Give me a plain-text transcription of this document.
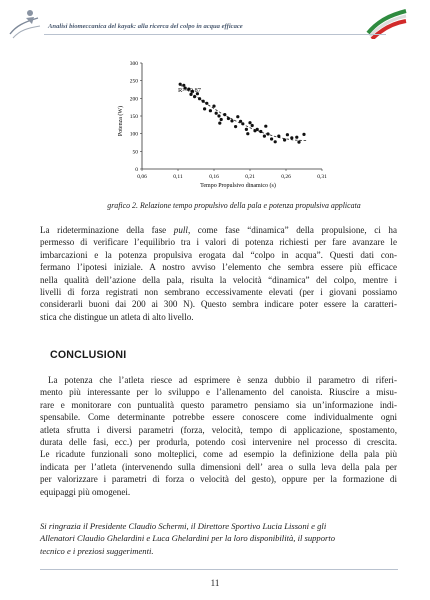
Analisi biomeccanica del kayak: alla ricerca del colpo in acqua efficace
0,06	0,11	0,16	0,21	0,26	0,31
0
50
100
150
200
250
300
R²= 0,87
Tempo Propulsivo dinamico (s)
Potenza (W)
grafico 2. Relazione tempo propulsivo della pala e potenza propulsiva applicata
La rideterminazione della fase pull, come fase “dinamica” della propulsione, ci ha
permesso di verificare l’equilibrio tra i valori di potenza richiesti per fare avanzare le
imbarcazioni e la potenza propulsiva erogata dal “colpo in acqua”. Questi dati con-
fermano l’ipotesi iniziale. A nostro avviso l’elemento che sembra essere più efficace
nella qualità dell’azione della pala, risulta la velocità “dinamica” del colpo, mentre i
livelli di forza registrati non sembrano eccessivamente elevati (per i giovani possiamo
considerarli buoni dai 200 ai 300 N). Questo sembra indicare poter essere la caratteri-
stica che distingue un atleta di alto livello.
CONCLUSIONI
La potenza che l’atleta riesce ad esprimere è senza dubbio il parametro di riferi-
mento più interessante per lo sviluppo e l’allenamento del canoista. Riuscire a misu-
rare e monitorare con puntualità questo parametro pensiamo sia un’informazione indi-
spensabile. Come determinante potrebbe essere conoscere come individualmente ogni
atleta sfrutta i diversi parametri (forza, velocità, tempo di applicazione, spostamento,
durata delle fasi, ecc.) per produrla, potendo così intervenire nel processo di crescita.
Le ricadute funzionali sono molteplici, come ad esempio la definizione della pala più
indicata per l’atleta (intervenendo sulla dimensioni dell’ area o sulla leva della pala per
per valorizzare i parametri di forza o velocità del gesto), oppure per la formazione di
equipaggi più omogenei.
Si ringrazia il Presidente Claudio Schermi, il Direttore Sportivo Lucia Lissoni e gli
Allenatori Claudio Ghelardini e Luca Ghelardini per la loro disponibilità, il supporto
tecnico e i preziosi suggerimenti.
11
